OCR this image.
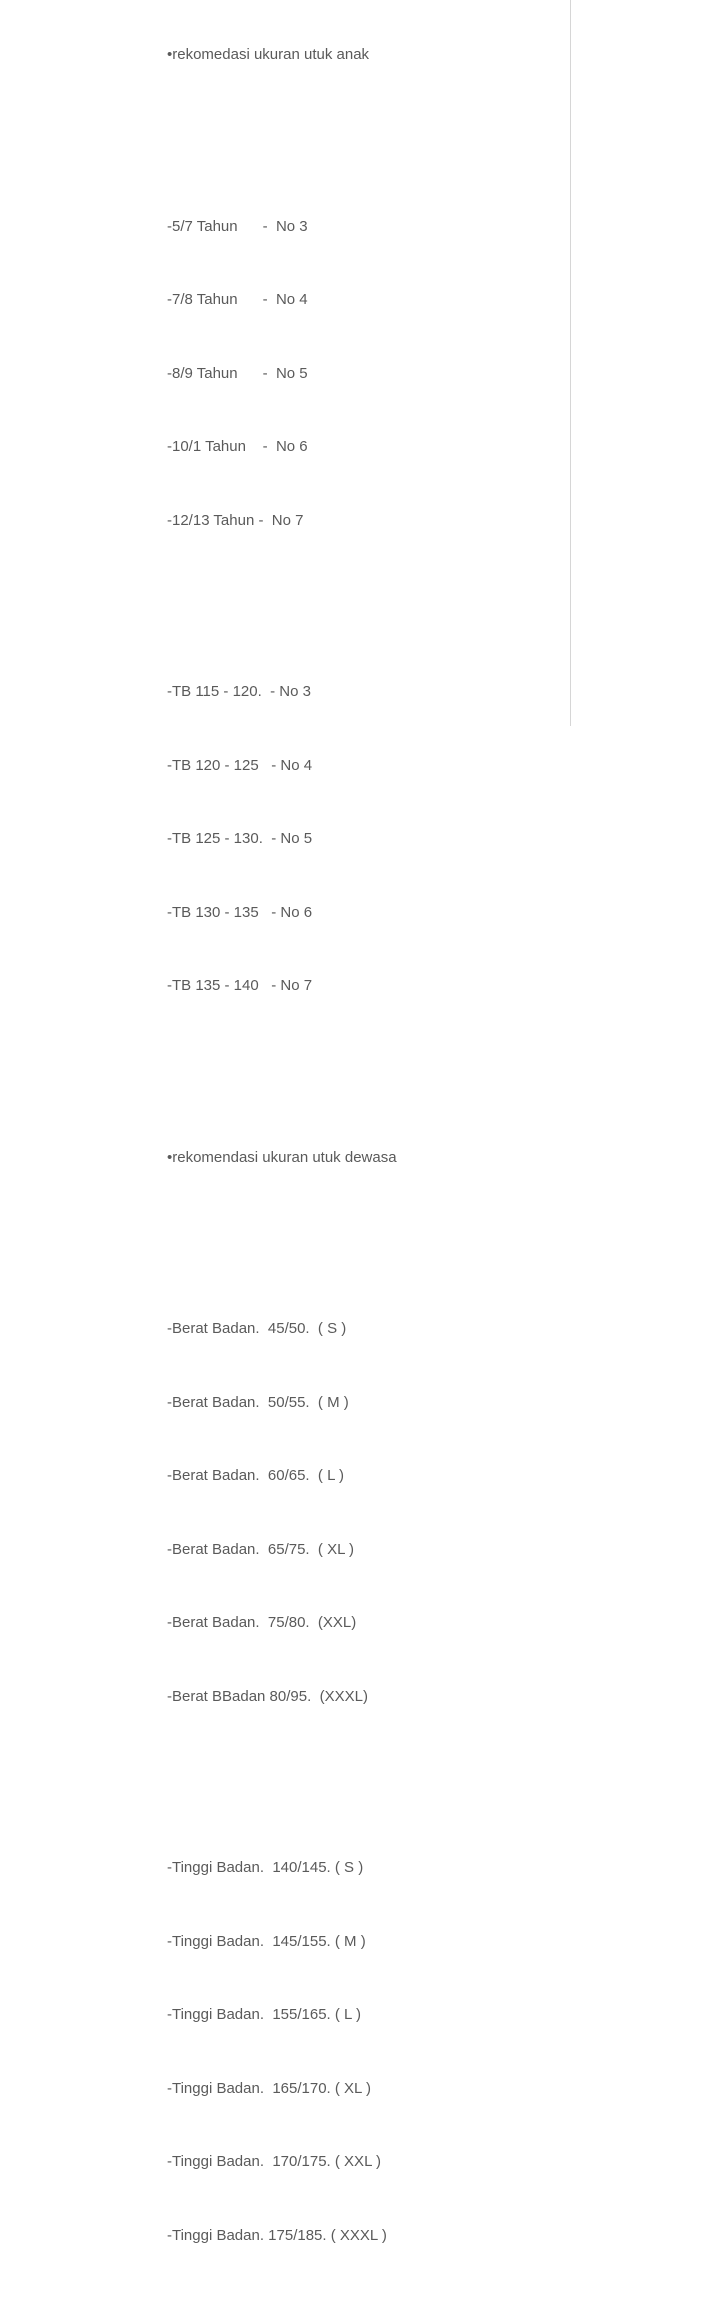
•rekomedasi ukuran utuk anak

-5/7 Tahun      -  No 3

-7/8 Tahun      -  No 4

-8/9 Tahun      -  No 5

-10/1 Tahun    -  No 6

-12/13 Tahun -  No 7

-TB 115 - 120.  - No 3

-TB 120 - 125   - No 4

-TB 125 - 130.  - No 5

-TB 130 - 135   - No 6

-TB 135 - 140   - No 7

•rekomendasi ukuran utuk dewasa

-Berat Badan.  45/50.  ( S )

-Berat Badan.  50/55.  ( M )

-Berat Badan.  60/65.  ( L )

-Berat Badan.  65/75.  ( XL )

-Berat Badan.  75/80.  (XXL)

-Berat BBadan 80/95.  (XXXL)

-Tinggi Badan.  140/145. ( S )

-Tinggi Badan.  145/155. ( M )

-Tinggi Badan.  155/165. ( L )

-Tinggi Badan.  165/170. ( XL )

-Tinggi Badan.  170/175. ( XXL )

-Tinggi Badan. 175/185. ( XXXL )
